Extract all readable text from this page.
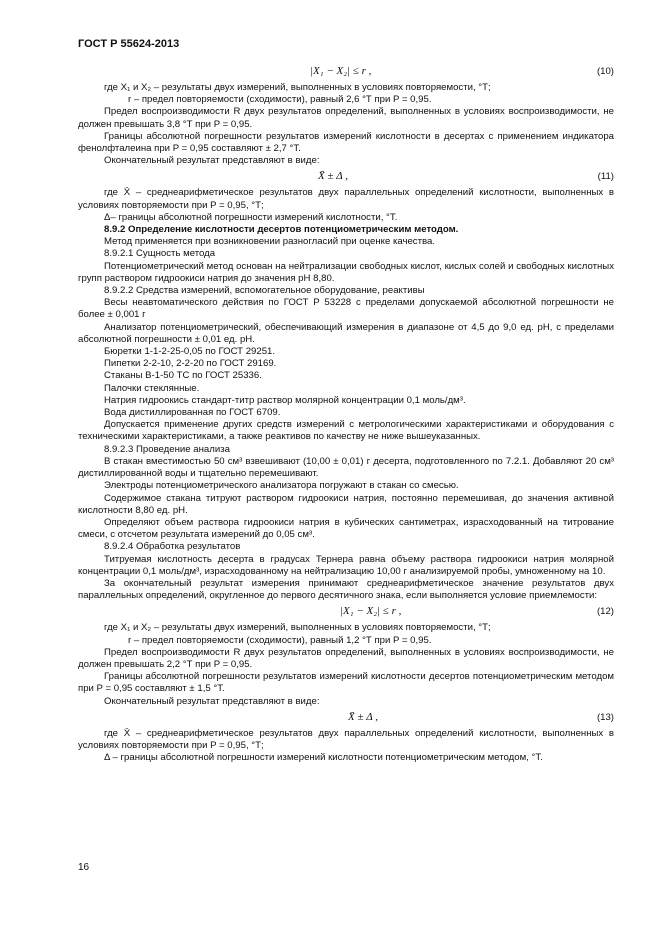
ГОСТ Р 55624-2013
|X₁ − X₂| ≤ r ,	(10)

где X₁ и X₂ – результаты двух измерений, выполненных в условиях повторяемости, °Т;

r – предел повторяемости (сходимости), равный 2,6 °Т при P = 0,95.

Предел воспроизводимости R двух результатов определений, выполненных в условиях воспроизводимости, не должен превышать 3,8 °Т при P = 0,95.

Границы абсолютной погрешности результатов измерений кислотности в десертах с применением индикатора фенолфталеина при P = 0,95 составляют ± 2,7 °Т.

Окончательный результат представляют в виде:

X̄ ± Δ ,	(11)

где X̄ – среднеарифметическое результатов двух параллельных определений кислотности, выполненных в условиях повторяемости при P = 0,95, °Т;

Δ– границы абсолютной погрешности измерений кислотности, °Т.

8.9.2 Определение кислотности десертов потенциометрическим методом.

Метод применяется при возникновении разногласий при оценке качества.

8.9.2.1 Сущность метода

Потенциометрический метод основан на нейтрализации свободных кислот, кислых солей и свободных кислотных групп раствором гидроокиси натрия до значения pH 8,80.

8.9.2.2 Средства измерений, вспомогательное оборудование, реактивы

Весы неавтоматического действия по ГОСТ Р 53228 с пределами допускаемой абсолютной погрешности не более ± 0,001 г

Анализатор потенциометрический, обеспечивающий измерения в диапазоне от 4,5 до 9,0 ед. pH, с пределами абсолютной погрешности ± 0,01 ед. pH.

Бюретки 1-1-2-25-0,05 по ГОСТ 29251.

Пипетки 2-2-10, 2-2-20 по ГОСТ 29169.

Стаканы В-1-50 ТС по ГОСТ 25336.

Палочки стеклянные.

Натрия гидроокись стандарт-титр раствор молярной концентрации 0,1 моль/дм³.

Вода дистиллированная по ГОСТ 6709.

Допускается применение других средств измерений с метрологическими характеристиками и оборудования с техническими характеристиками, а также реактивов по качеству не ниже вышеуказанных.

8.9.2.3 Проведение анализа

В стакан вместимостью 50 см³ взвешивают (10,00 ± 0,01) г десерта, подготовленного по 7.2.1. Добавляют 20 см³ дистиллированной воды и тщательно перемешивают.

Электроды потенциометрического анализатора погружают в стакан со смесью.

Содержимое стакана титруют раствором гидроокиси натрия, постоянно перемешивая, до значения активной кислотности 8,80 ед. pH.

Определяют объем раствора гидроокиси натрия в кубических сантиметрах, израсходованный на титрование смеси, с отсчетом результата измерений до 0,05 см³.

8.9.2.4 Обработка результатов

Титруемая кислотность десерта в градусах Тернера равна объему раствора гидроокиси натрия молярной концентрации 0,1 моль/дм³, израсходованному на нейтрализацию 10,00 г анализируемой пробы, умноженному на 10.

За окончательный результат измерения принимают среднеарифметическое значение результатов двух параллельных определений, округленное до первого десятичного знака, если выполняется условие приемлемости:

|X₁ − X₂| ≤ r ,	(12)

где X₁ и X₂ – результаты двух измерений, выполненных в условиях повторяемости, °Т;

r – предел повторяемости (сходимости), равный 1,2 °Т при P = 0,95.

Предел воспроизводимости R двух результатов определений, выполненных в условиях воспроизводимости, не должен превышать 2,2 °Т при P = 0,95.

Границы абсолютной погрешности результатов измерений кислотности десертов потенциометрическим методом при P = 0,95 составляют ± 1,5 °Т.

Окончательный результат представляют в виде:

X̄ ± Δ ,	(13)

где X̄ – среднеарифметическое результатов двух параллельных определений кислотности, выполненных в условиях повторяемости при P = 0,95, °Т;

Δ – границы абсолютной погрешности измерений кислотности потенциометрическим методом, °Т.

16
